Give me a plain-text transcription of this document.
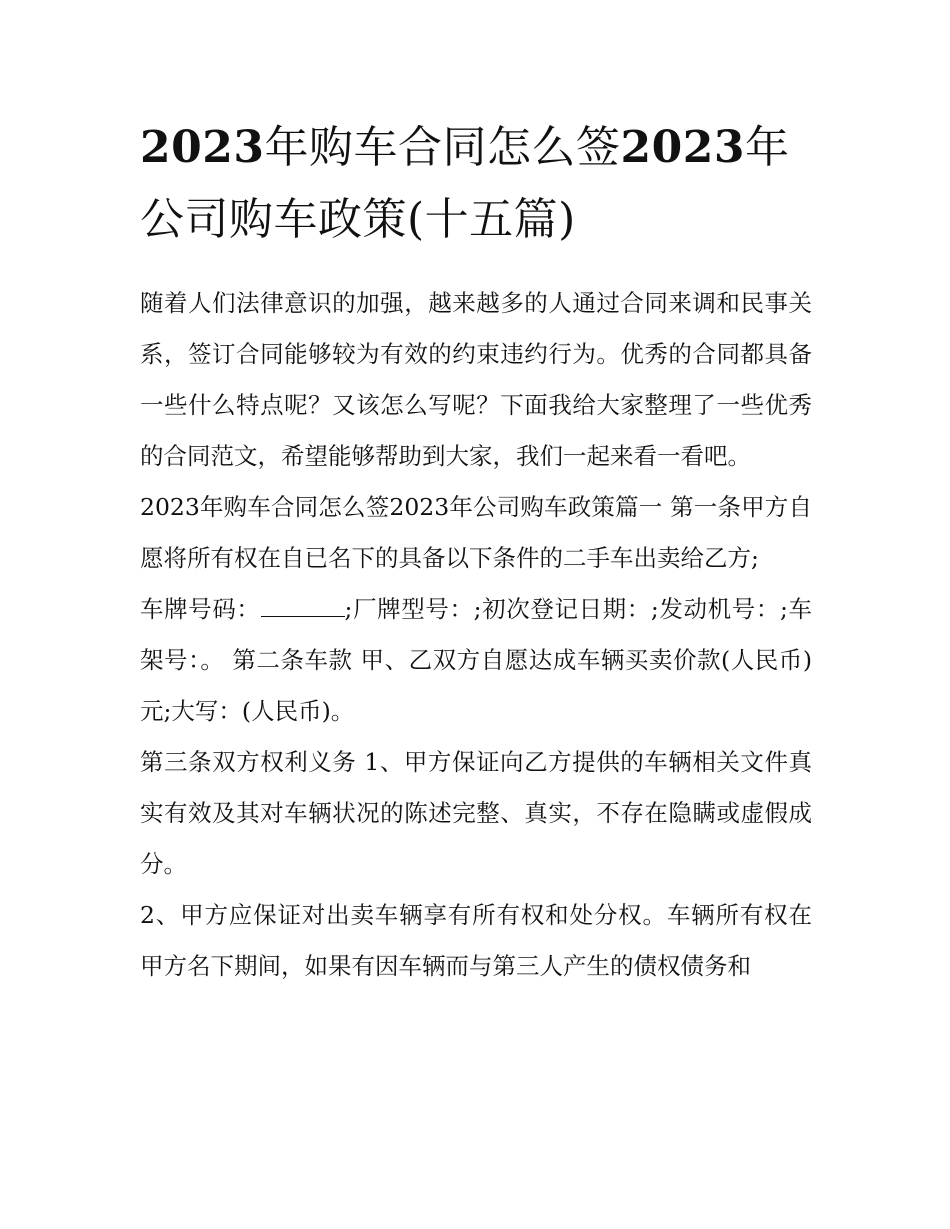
2023年购车合同怎么签2023年公司购车政策(十五篇)

随着人们法律意识的加强，越来越多的人通过合同来调和民事关系，签订合同能够较为有效的约束违约行为。优秀的合同都具备一些什么特点呢？又该怎么写呢？下面我给大家整理了一些优秀的合同范文，希望能够帮助到大家，我们一起来看一看吧。

2023年购车合同怎么签2023年公司购车政策篇一 第一条甲方自愿将所有权在自已名下的具备以下条件的二手车出卖给乙方;

车牌号码：	;厂牌型号：;初次登记日期：;发动机号：;车架号：。 第二条车款 甲、乙双方自愿达成车辆买卖价款(人民币)元;大写：(人民币)。

第三条双方权利义务 1、甲方保证向乙方提供的车辆相关文件真实有效及其对车辆状况的陈述完整、真实，不存在隐瞒或虚假成分。

2、甲方应保证对出卖车辆享有所有权和处分权。车辆所有权在甲方名下期间，如果有因车辆而与第三人产生的债权债务和
